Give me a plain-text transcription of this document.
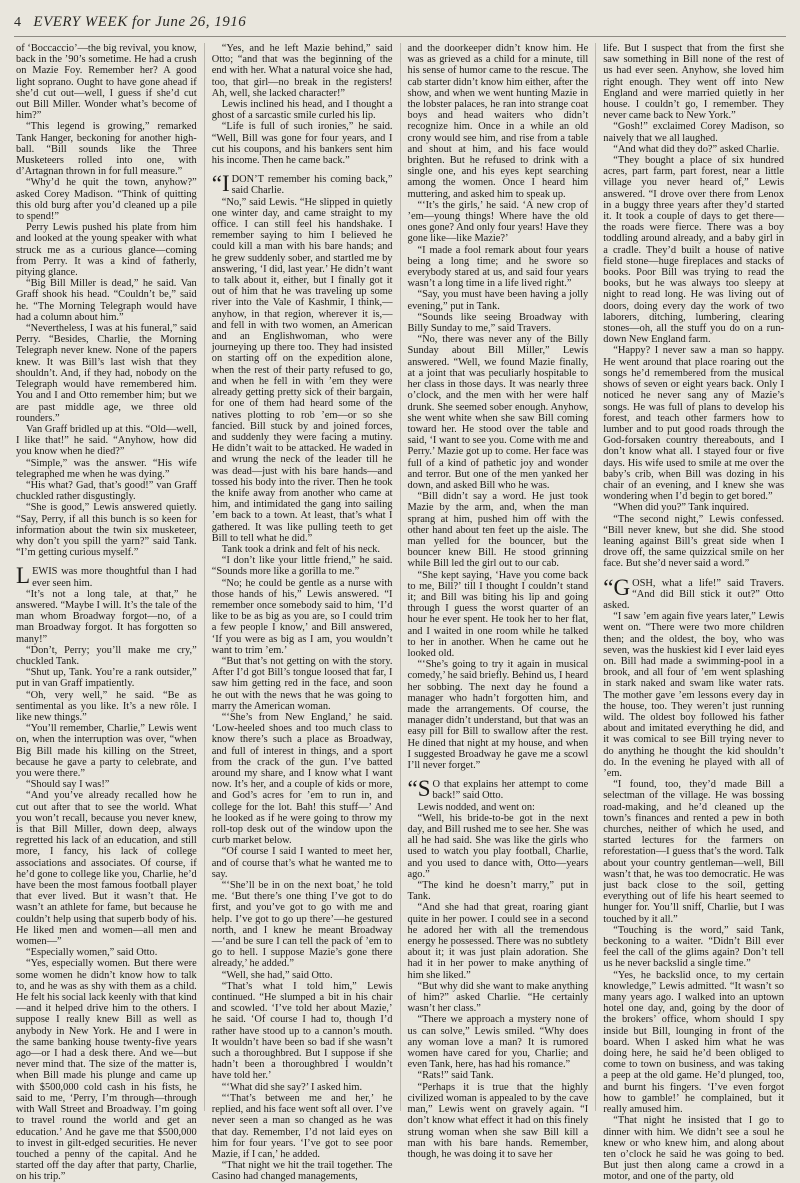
4 EVERY WEEK for June 26, 1916

of ‘Boccaccio’—the big revival, you know, back in the ’90’s sometime. He had a crush on Mazie Foy. Remember her? A good light soprano. Ought to have gone ahead if she’d cut out—well, I guess if she’d cut out Bill Miller. Wonder what’s become of him?”

“This legend is growing,” remarked Tank Hanger, beckoning for another high-ball. “Bill sounds like the Three Musketeers rolled into one, with d’Artagnan thrown in for full measure.”

“Why’d he quit the town, anyhow?” asked Corey Madison. “Think of quitting this old burg after you’d cleaned up a pile to spend!”

Perry Lewis pushed his plate from him and looked at the young speaker with what struck me as a curious glance—coming from Perry. It was a kind of fatherly, pitying glance.

“Big Bill Miller is dead,” he said. Van Graff shook his head. “Couldn’t be,” said he. “The Morning Telegraph would have had a column about him.”

“Nevertheless, I was at his funeral,” said Perry. “Besides, Charlie, the Morning Telegraph never knew. None of the papers knew. It was Bill’s last wish that they shouldn’t. And, if they had, nobody on the Telegraph would have remembered him. You and I and Otto remember him; but we are past middle age, we three old rounders.”

Van Graff bridled up at this. “Old—well, I like that!” he said. “Anyhow, how did you know when he died?”

“Simple,” was the answer. “His wife telegraphed me when he was dying.”

“His what? Gad, that’s good!” van Graff chuckled rather disgustingly.

“She is good,” Lewis answered quietly. “Say, Perry, if all this bunch is so keen for information about the twin six musketeer, why don’t you spill the yarn?” said Tank. “I’m getting curious myself.”

LEWIS was more thoughtful than I had ever seen him.

“It’s not a long tale, at that,” he answered. “Maybe I will. It’s the tale of the man whom Broadway forgot—no, of a man Broadway forgot. It has forgotten so many!”

“Don’t, Perry; you’ll make me cry,” chuckled Tank.

“Shut up, Tank. You’re a rank outsider,” put in van Graff impatiently.

“Oh, very well,” he said. “Be as sentimental as you like. It’s a new rôle. I like new things.”

“You’ll remember, Charlie,” Lewis went on, when the interruption was over, “when Big Bill made his killing on the Street, because he gave a party to celebrate, and you were there.”

“Should say I was!”

“And you’ve already recalled how he cut out after that to see the world. What you won’t recall, because you never knew, is that Bill Miller, down deep, always regretted his lack of an education, and still more, I fancy, his lack of college associations and associates. Of course, if he’d gone to college like you, Charlie, he’d have been the most famous football player that ever lived. But it wasn’t that. He wasn’t an athlete for fame, but because he couldn’t help using that superb body of his. He liked men and women—all men and women—”

“Especially women,” said Otto.

“Yes, especially women. But there were some women he didn’t know how to talk to, and he was as shy with them as a child. He felt his social lack keenly with that kind—and it helped drive him to the others. I suppose I really knew Bill as well as anybody in New York. He and I were in the same banking house twenty-five years ago—or I had a desk there. And we—but never mind that. The size of the matter is, when Bill made his plunge and came up with $500,000 cold cash in his fists, he said to me, ‘Perry, I’m through—through with Wall Street and Broadway. I’m going to travel round the world and get an education.’ And he gave me that $500,000 to invest in gilt-edged securities. He never touched a penny of the capital. And he started off the day after that party, Charlie, on his trip.”

“Yes, and he left Mazie behind,” said Otto; “and that was the beginning of the end with her. What a natural voice she had, too, that girl—no break in the registers! Ah, well, she lacked character!”

Lewis inclined his head, and I thought a ghost of a sarcastic smile curled his lip.

“Life is full of such ironies,” he said. “Well, Bill was gone for four years, and I cut his coupons, and his bankers sent him his income. Then he came back.”

“IDON’T remember his coming back,” said Charlie.

“No,” said Lewis. “He slipped in quietly one winter day, and came straight to my office. I can still feel his handshake. I remember saying to him I believed he could kill a man with his bare hands; and he grew suddenly sober, and startled me by answering, ‘I did, last year.’ He didn’t want to talk about it, either, but I finally got it out of him that he was traveling up some river into the Vale of Kashmir, I think,—anyhow, in that region, wherever it is,—and fell in with two women, an American and an Englishwoman, who were journeying up there too. They had insisted on starting off on the expedition alone, when the rest of their party refused to go, and when he fell in with ’em they were already getting pretty sick of their bargain, for one of them had heard some of the natives plotting to rob ’em—or so she fancied. Bill stuck by and joined forces, and suddenly they were facing a mutiny. He didn’t wait to be attacked. He waded in and wrung the neck of the leader till he was dead—just with his bare hands—and tossed his body into the river. Then he took the knife away from another who came at him, and intimidated the gang into sailing ’em back to a town. At least, that’s what I gathered. It was like pulling teeth to get Bill to tell what he did.”

Tank took a drink and felt of his neck.

“I don’t like your little friend,” he said. “Sounds more like a gorilla to me.”

“No; he could be gentle as a nurse with those hands of his,” Lewis answered. “I remember once somebody said to him, ‘I’d like to be as big as you are, so I could trim a few people I know,’ and Bill answered, ‘If you were as big as I am, you wouldn’t want to trim ’em.’

“But that’s not getting on with the story. After I’d got Bill’s tongue loosed that far, I saw him getting red in the face, and soon he out with the news that he was going to marry the American woman.

“‘She’s from New England,’ he said. ‘Low-heeled shoes and too much class to know there’s such a place as Broadway, and full of interest in things, and a sport from the crack of the gun. I’ve batted around my share, and I know what I want now. It’s her, and a couple of kids or more, and God’s acres for ’em to run in, and college for the lot. Bah! this stuff—’ And he looked as if he were going to throw my roll-top desk out of the window upon the curb market below.

“Of course I said I wanted to meet her, and of course that’s what he wanted me to say.

“‘She’ll be in on the next boat,’ he told me. ‘But there’s one thing I’ve got to do first, and you’ve got to go with me and help. I’ve got to go up there’—he gestured north, and I knew he meant Broadway—‘and be sure I can tell the pack of ’em to go to hell. I suppose Mazie’s gone there already,’ he added.”

“Well, she had,” said Otto.

“That’s what I told him,” Lewis continued. “He slumped a bit in his chair and scowled. ‘I’ve told her about Mazie,’ he said. ‘Of course I had to, though I’d rather have stood up to a cannon’s mouth. It wouldn’t have been so bad if she wasn’t such a thoroughbred. But I suppose if she hadn’t been a thoroughbred I wouldn’t have told her.’

“‘What did she say?’ I asked him.

“‘That’s between me and her,’ he replied, and his face went soft all over. I’ve never seen a man so changed as he was that day. Remember, I’d not laid eyes on him for four years. ‘I’ve got to see poor Mazie, if I can,’ he added.

“That night we hit the trail together. The Casino had changed managements,

and the doorkeeper didn’t know him. He was as grieved as a child for a minute, till his sense of humor came to the rescue. The cab starter didn’t know him either, after the show, and when we went hunting Mazie in the lobster palaces, he ran into strange coat boys and head waiters who didn’t recognize him. Once in a while an old crony would see him, and rise from a table and shout at him, and his face would brighten. But he refused to drink with a single one, and his eyes kept searching among the women. Once I heard him muttering, and asked him to speak up.

“‘It’s the girls,’ he said. ‘A new crop of ’em—young things! Where have the old ones gone? And only four years! Have they gone like—like Mazie?’

“I made a fool remark about four years being a long time; and he swore so everybody stared at us, and said four years wasn’t a long time in a life lived right.”

“Say, you must have been having a jolly evening,” put in Tank.

“Sounds like seeing Broadway with Billy Sunday to me,” said Travers.

“No, there was never any of the Billy Sunday about Bill Miller,” Lewis answered. “Well, we found Mazie finally, at a joint that was peculiarly hospitable to her class in those days. It was nearly three o’clock, and the men with her were half drunk. She seemed sober enough. Anyhow, she went white when she saw Bill coming toward her. He stood over the table and said, ‘I want to see you. Come with me and Perry.’ Mazie got up to come. Her face was full of a kind of pathetic joy and wonder and terror. But one of the men yanked her down, and asked Bill who he was.

“Bill didn’t say a word. He just took Mazie by the arm, and, when the man sprang at him, pushed him off with the other hand about ten feet up the aisle. The man yelled for the bouncer, but the bouncer knew Bill. He stood grinning while Bill led the girl out to our cab.

“She kept saying, ‘Have you come back to me, Bill?’ till I thought I couldn’t stand it; and Bill was biting his lip and going through I guess the worst quarter of an hour he ever spent. He took her to her flat, and I waited in one room while he talked to her in another. When he came out he looked old.

“‘She’s going to try it again in musical comedy,’ he said briefly. Behind us, I heard her sobbing. The next day he found a manager who hadn’t forgotten him, and made the arrangements. Of course, the manager didn’t understand, but that was an easy pill for Bill to swallow after the rest. He dined that night at my house, and when I suggested Broadway he gave me a scowl I’ll never forget.”

“SO that explains her attempt to come back!” said Otto.

Lewis nodded, and went on:

“Well, his bride-to-be got in the next day, and Bill rushed me to see her. She was all he had said. She was like the girls who used to watch you play football, Charlie, and you used to dance with, Otto—years ago.”

“The kind he doesn’t marry,” put in Tank.

“And she had that great, roaring giant quite in her power. I could see in a second he adored her with all the tremendous energy he possessed. There was no subtlety about it; it was just plain adoration. She had it in her power to make anything of him she liked.”

“But why did she want to make anything of him?” asked Charlie. “He certainly wasn’t her class.”

“There we approach a mystery none of us can solve,” Lewis smiled. “Why does any woman love a man? It is rumored women have cared for you, Charlie; and even Tank, here, has had his romance.”

“Rats!” said Tank.

“Perhaps it is true that the highly civilized woman is appealed to by the cave man,” Lewis went on gravely again. “I don’t know what effect it had on this finely strung woman when she saw Bill kill a man with his bare hands. Remember, though, he was doing it to save her

life. But I suspect that from the first she saw something in Bill none of the rest of us had ever seen. Anyhow, she loved him right enough. They went off into New England and were married quietly in her house. I couldn’t go, I remember. They never came back to New York.”

“Gosh!” exclaimed Corey Madison, so naively that we all laughed.

“And what did they do?” asked Charlie.

“They bought a place of six hundred acres, part farm, part forest, near a little village you never heard of,” Lewis answered. “I drove over there from Lenox in a buggy three years after they’d started it. It took a couple of days to get there—the roads were fierce. There was a boy toddling around already, and a baby girl in a cradle. They’d built a house of native field stone—huge fireplaces and stacks of books. Poor Bill was trying to read the books, but he was always too sleepy at night to read long. He was living out of doors, doing every day the work of two laborers, ditching, lumbering, clearing stones—oh, all the stuff you do on a run-down New England farm.

“Happy? I never saw a man so happy. He went around that place roaring out the songs he’d remembered from the musical shows of seven or eight years back. Only I noticed he never sang any of Mazie’s songs. He was full of plans to develop his forest, and teach other farmers how to lumber and to put good roads through the God-forsaken country thereabouts, and I don’t know what all. I stayed four or five days. His wife used to smile at me over the baby’s crib, when Bill was dozing in his chair of an evening, and I knew she was wondering when I’d begin to get bored.”

“When did you?” Tank inquired.

“The second night,” Lewis confessed. “Bill never knew, but she did. She stood leaning against Bill’s great side when I drove off, the same quizzical smile on her face. But she’d never said a word.”

“GOSH, what a life!” said Travers. “And did Bill stick it out?” Otto asked.

“I saw ’em again five years later,” Lewis went on. “There were two more children then; and the oldest, the boy, who was seven, was the huskiest kid I ever laid eyes on. Bill had made a swimming-pool in a brook, and all four of ’em went splashing in stark naked and swam like water rats. The mother gave ’em lessons every day in the house, too. They weren’t just running wild. The oldest boy followed his father about and imitated everything he did, and it was comical to see Bill trying never to do anything he thought the kid shouldn’t do. In the evening he played with all of ’em.

“I found, too, they’d made Bill a selectman of the village. He was bossing road-making, and he’d cleaned up the town’s finances and rented a pew in both churches, neither of which he used, and started lectures for the farmers on reforestation—I guess that’s the word. Talk about your country gentleman—well, Bill wasn’t that, he was too democratic. He was just back close to the soil, getting everything out of life his heart seemed to hunger for. You’ll sniff, Charlie, but I was touched by it all.”

“Touching is the word,” said Tank, beckoning to a waiter. “Didn’t Bill ever feel the call of the glims again? Don’t tell us he never backslid a single time.”

“Yes, he backslid once, to my certain knowledge,” Lewis admitted. “It wasn’t so many years ago. I walked into an uptown hotel one day, and, going by the door of the brokers’ office, whom should I spy inside but Bill, lounging in front of the board. When I asked him what he was doing here, he said he’d been obliged to come to town on business, and was taking a peep at the old game. He’d plunged, too, and burnt his fingers. ‘I’ve even forgot how to gamble!’ he complained, but it really amused him.

“That night he insisted that I go to dinner with him. We didn’t see a soul he knew or who knew him, and along about ten o’clock he said he was going to bed. But just then along came a crowd in a motor, and one of the party, old
